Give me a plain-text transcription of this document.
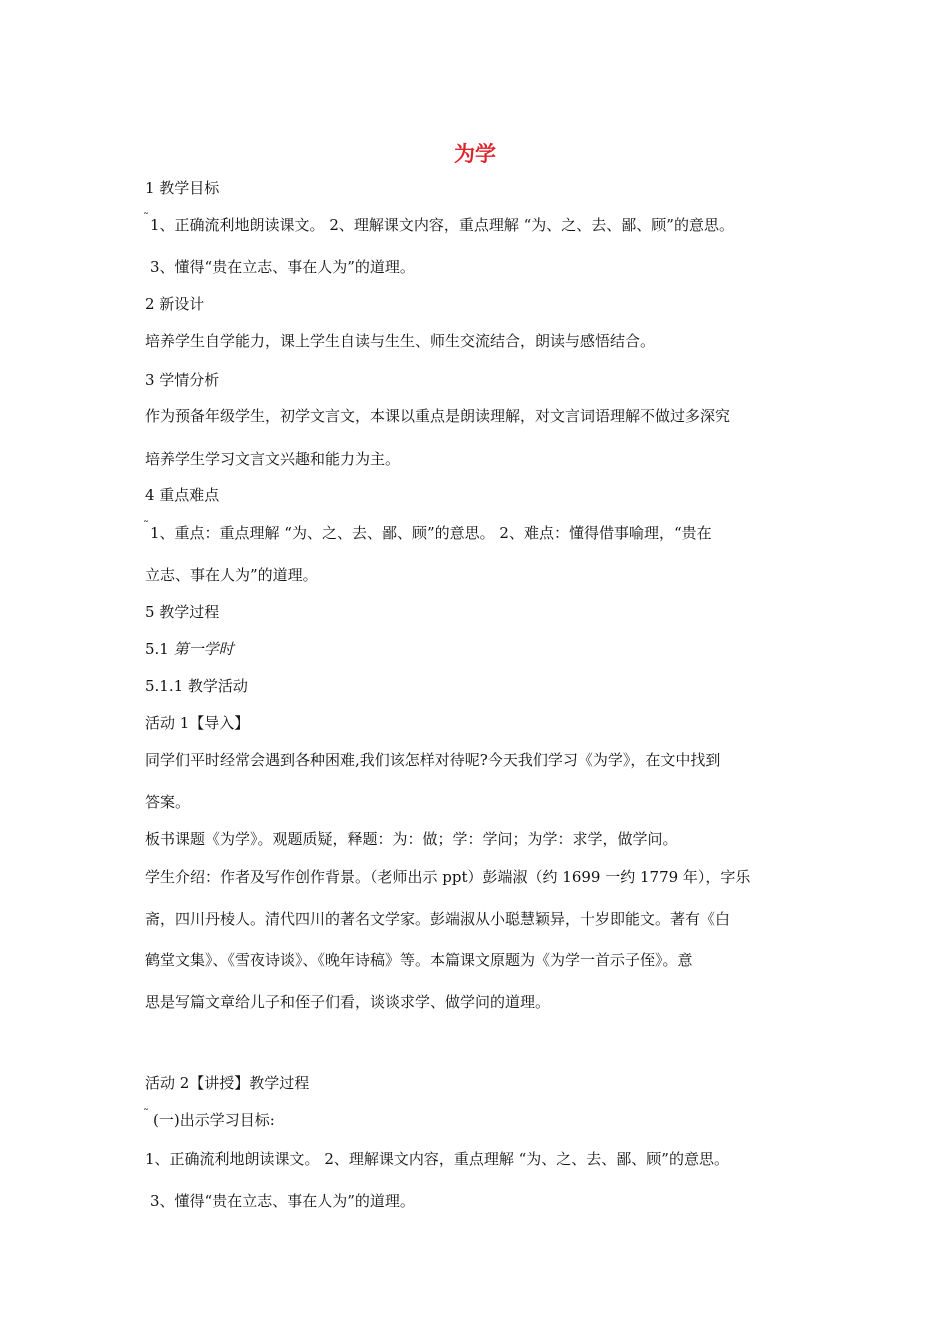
为学
1 教学目标
˜ 1、正确流利地朗读课文。 2、理解课文内容，重点理解 “为、之、去、鄙、顾”的意思。
3、懂得“贵在立志、事在人为”的道理。
2 新设计
培养学生自学能力，课上学生自读与生生、师生交流结合，朗读与感悟结合。
3 学情分析
作为预备年级学生，初学文言文，本课以重点是朗读理解，对文言词语理解不做过多深究
培养学生学习文言文兴趣和能力为主。
4 重点难点
˜ 1、重点：重点理解 “为、之、去、鄙、顾”的意思。 2、难点：懂得借事喻理，“贵在
立志、事在人为”的道理。
5 教学过程
5.1 第一学时
5.1.1 教学活动
活动 1【导入】
同学们平时经常会遇到各种困难,我们该怎样对待呢?今天我们学习《为学》，在文中找到
答案。
板书课题《为学》。观题质疑，释题：为：做；学：学问；为学：求学，做学问。
学生介绍：作者及写作创作背景。（老师出示 ppt）彭端淑（约 1699 一约 1779 年），字乐
斋，四川丹棱人。清代四川的著名文学家。彭端淑从小聪慧颖异，十岁即能文。著有《白
鹤堂文集》、《雪夜诗谈》、《晚年诗稿》等。本篇课文原题为《为学一首示子侄》。意
思是写篇文章给儿子和侄子们看，谈谈求学、做学问的道理。
活动 2【讲授】教学过程
˜ (一)出示学习目标:
1、正确流利地朗读课文。 2、理解课文内容，重点理解 “为、之、去、鄙、顾”的意思。
3、懂得“贵在立志、事在人为”的道理。
